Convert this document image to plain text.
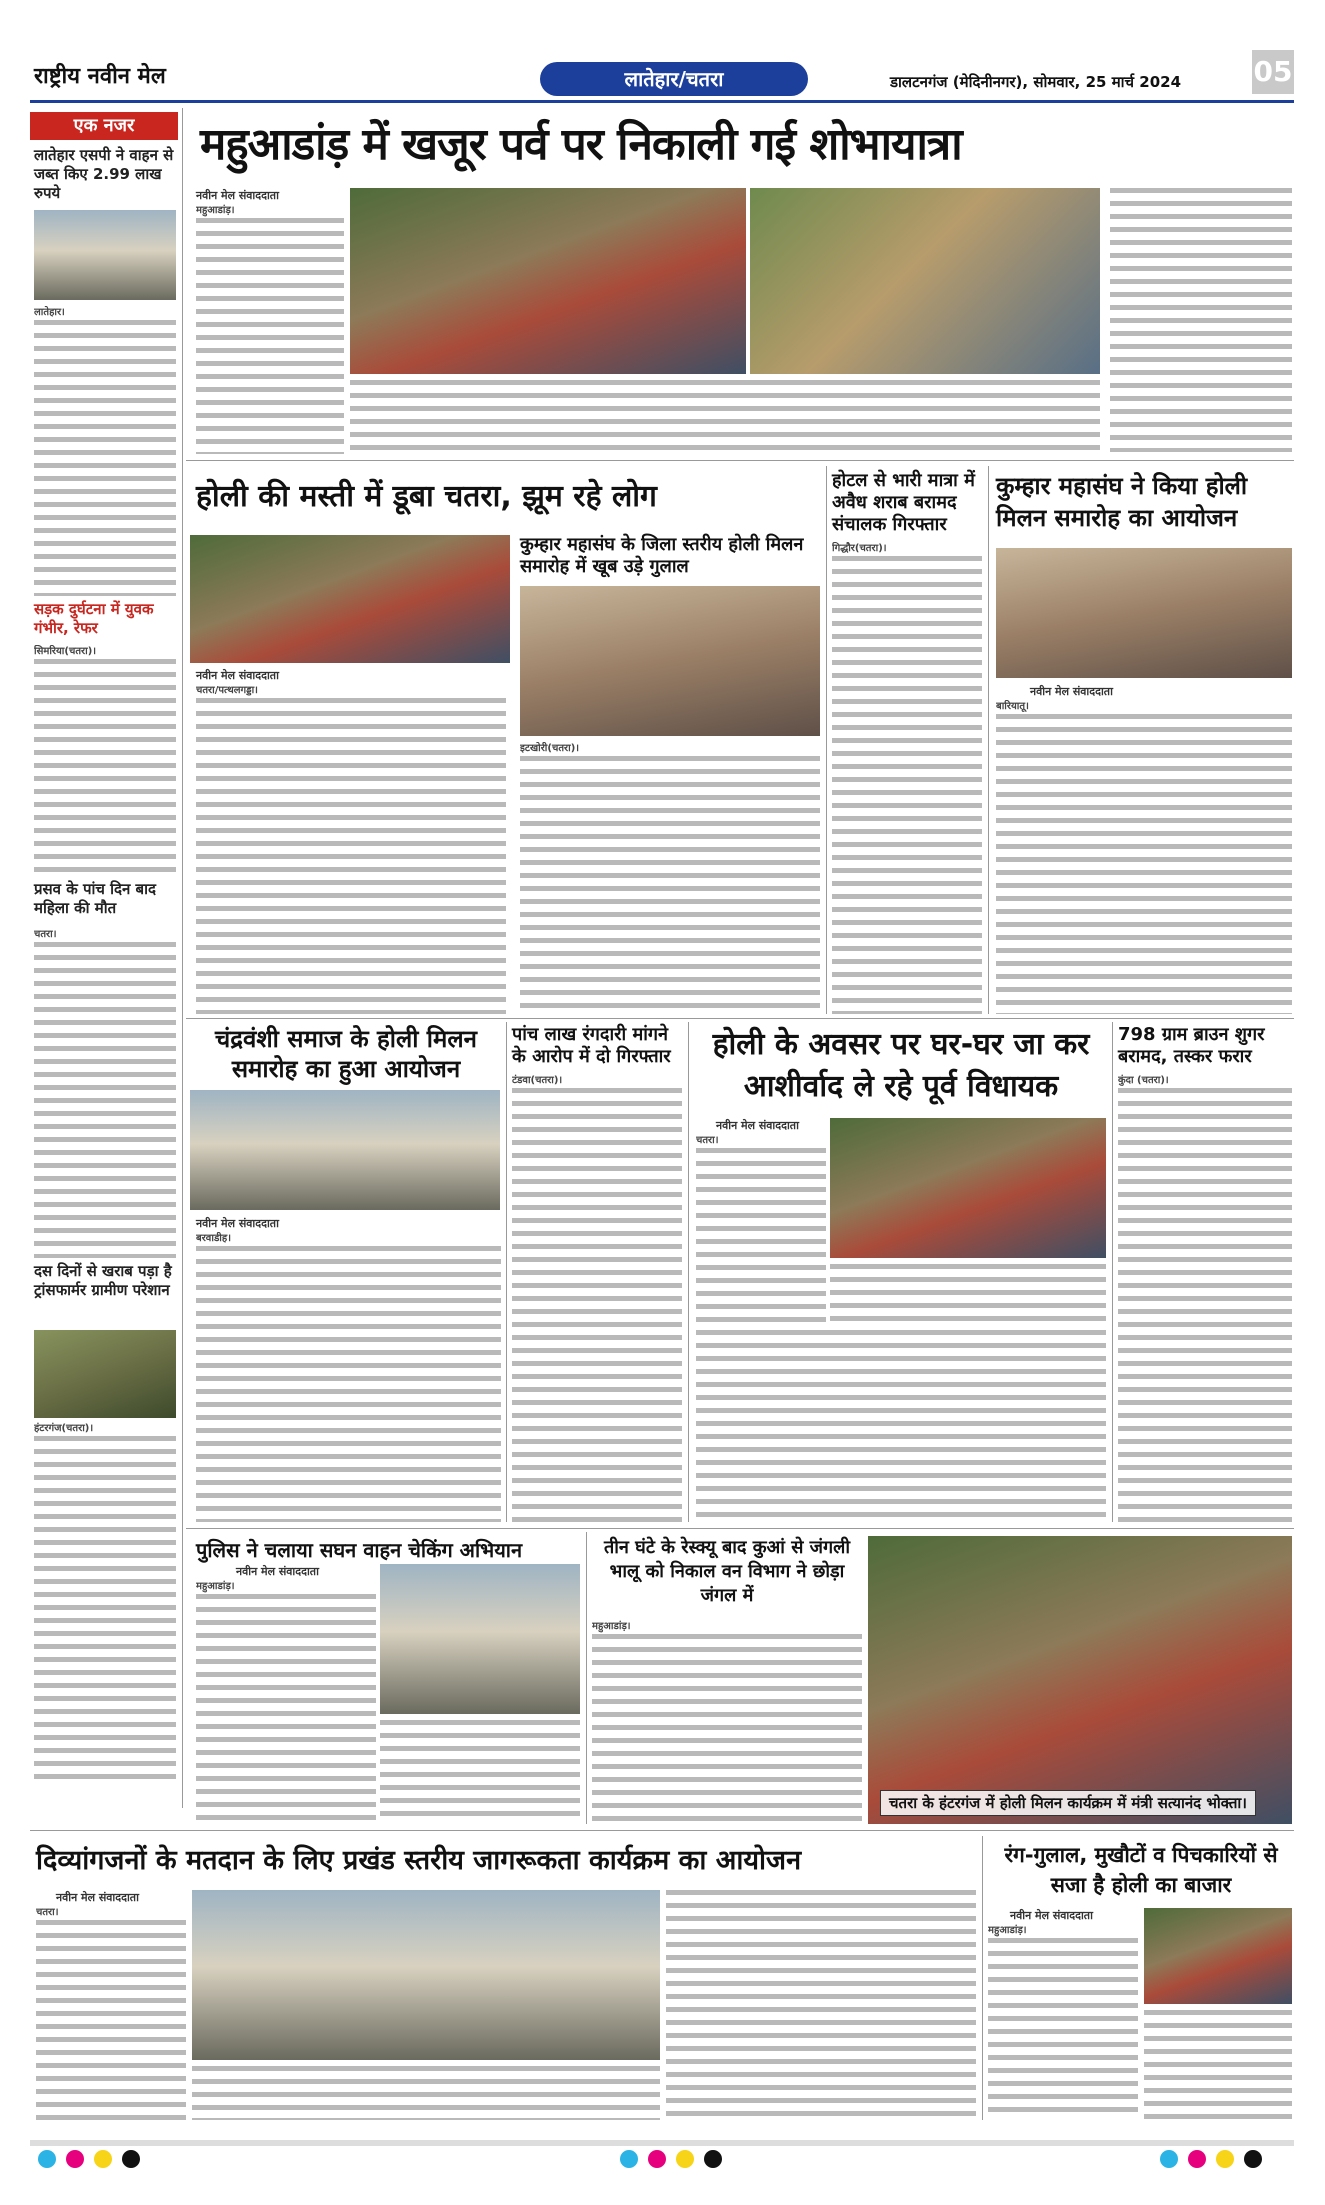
राष्ट्रीय नवीन मेल	लातेहार/चतरा	डालटनगंज (मेदिनीनगर), सोमवार, 25 मार्च 2024	05
एक नजर
लातेहार एसपी ने वाहन से जब्त किए 2.99 लाख रुपये
लातेहार।
सड़क दुर्घटना में युवक गंभीर, रेफर
सिमरिया(चतरा)।
प्रसव के पांच दिन बाद महिला की मौत
चतरा।
दस दिनों से खराब पड़ा है ट्रांसफार्मर ग्रामीण परेशान
हंटरगंज(चतरा)।
महुआडांड़ में खजूर पर्व पर निकाली गई शोभायात्रा
नवीन मेल संवाददाता
महुआडांड़।
होली की मस्ती में डूबा चतरा, झूम रहे लोग
नवीन मेल संवाददाता
चतरा/पत्थलगड्डा।
कुम्हार महासंघ के जिला स्तरीय होली मिलन समारोह में खूब उड़े गुलाल
इटखोरी(चतरा)।
होटल से भारी मात्रा में अवैध शराब बरामद संचालक गिरफ्तार
गिद्धौर(चतरा)।
कुम्हार महासंघ ने किया होली मिलन समारोह का आयोजन
नवीन मेल संवाददाता
बारियातू।
चंद्रवंशी समाज के होली मिलन समारोह का हुआ आयोजन
नवीन मेल संवाददाता
बरवाडीह।
पांच लाख रंगदारी मांगने के आरोप में दो गिरफ्तार
टंडवा(चतरा)।
होली के अवसर पर घर-घर जा कर आशीर्वाद ले रहे पूर्व विधायक
नवीन मेल संवाददाता
चतरा।
798 ग्राम ब्राउन शुगर बरामद, तस्कर फरार
कुंदा (चतरा)।
पुलिस ने चलाया सघन वाहन चेकिंग अभियान
नवीन मेल संवाददाता
महुआडांड़।
तीन घंटे के रेस्क्यू बाद कुआं से जंगली भालू को निकाल वन विभाग ने छोड़ा जंगल में
महुआडांड़।
चतरा के हंटरगंज में होली मिलन कार्यक्रम में मंत्री सत्यानंद भोक्ता।
दिव्यांगजनों के मतदान के लिए प्रखंड स्तरीय जागरूकता कार्यक्रम का आयोजन
नवीन मेल संवाददाता
चतरा।
रंग-गुलाल, मुखौटों व पिचकारियों से सजा है होली का बाजार
नवीन मेल संवाददाता
महुआडांड़।
